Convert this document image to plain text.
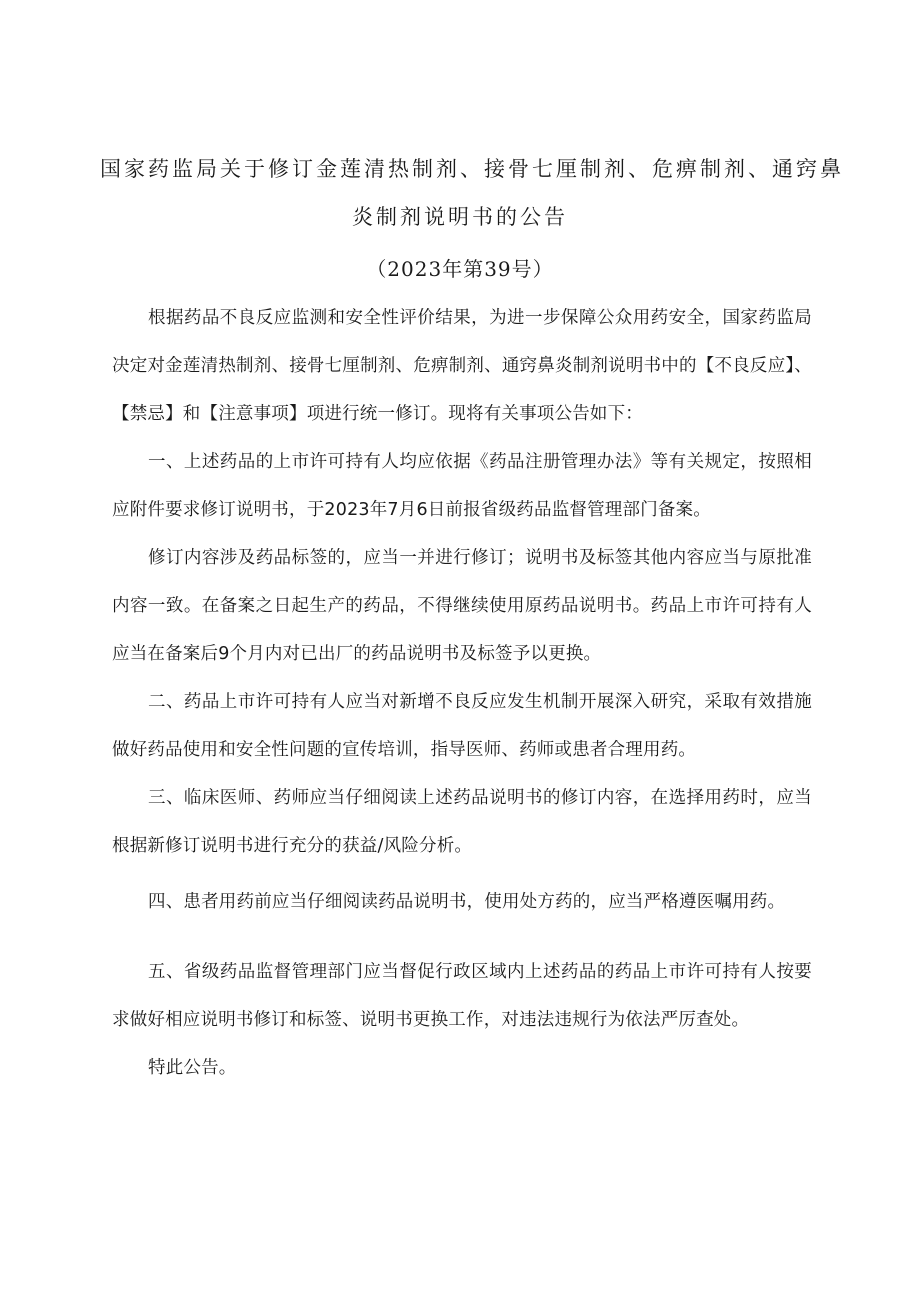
国家药监局关于修订金莲清热制剂、接骨七厘制剂、危痹制剂、通窍鼻
炎制剂说明书的公告
（2023年第39号）
根据药品不良反应监测和安全性评价结果，为进一步保障公众用药安全，国家药监局决定对金莲清热制剂、接骨七厘制剂、危痹制剂、通窍鼻炎制剂说明书中的【不良反应】、【禁忌】和【注意事项】项进行统一修订。现将有关事项公告如下：
一、上述药品的上市许可持有人均应依据《药品注册管理办法》等有关规定，按照相应附件要求修订说明书，于2023年7月6日前报省级药品监督管理部门备案。
修订内容涉及药品标签的，应当一并进行修订；说明书及标签其他内容应当与原批准内容一致。在备案之日起生产的药品，不得继续使用原药品说明书。药品上市许可持有人应当在备案后9个月内对已出厂的药品说明书及标签予以更换。
二、药品上市许可持有人应当对新增不良反应发生机制开展深入研究，采取有效措施做好药品使用和安全性问题的宣传培训，指导医师、药师或患者合理用药。
三、临床医师、药师应当仔细阅读上述药品说明书的修订内容，在选择用药时，应当根据新修订说明书进行充分的获益/风险分析。
四、患者用药前应当仔细阅读药品说明书，使用处方药的，应当严格遵医嘱用药。
五、省级药品监督管理部门应当督促行政区域内上述药品的药品上市许可持有人按要求做好相应说明书修订和标签、说明书更换工作，对违法违规行为依法严厉查处。
特此公告。
